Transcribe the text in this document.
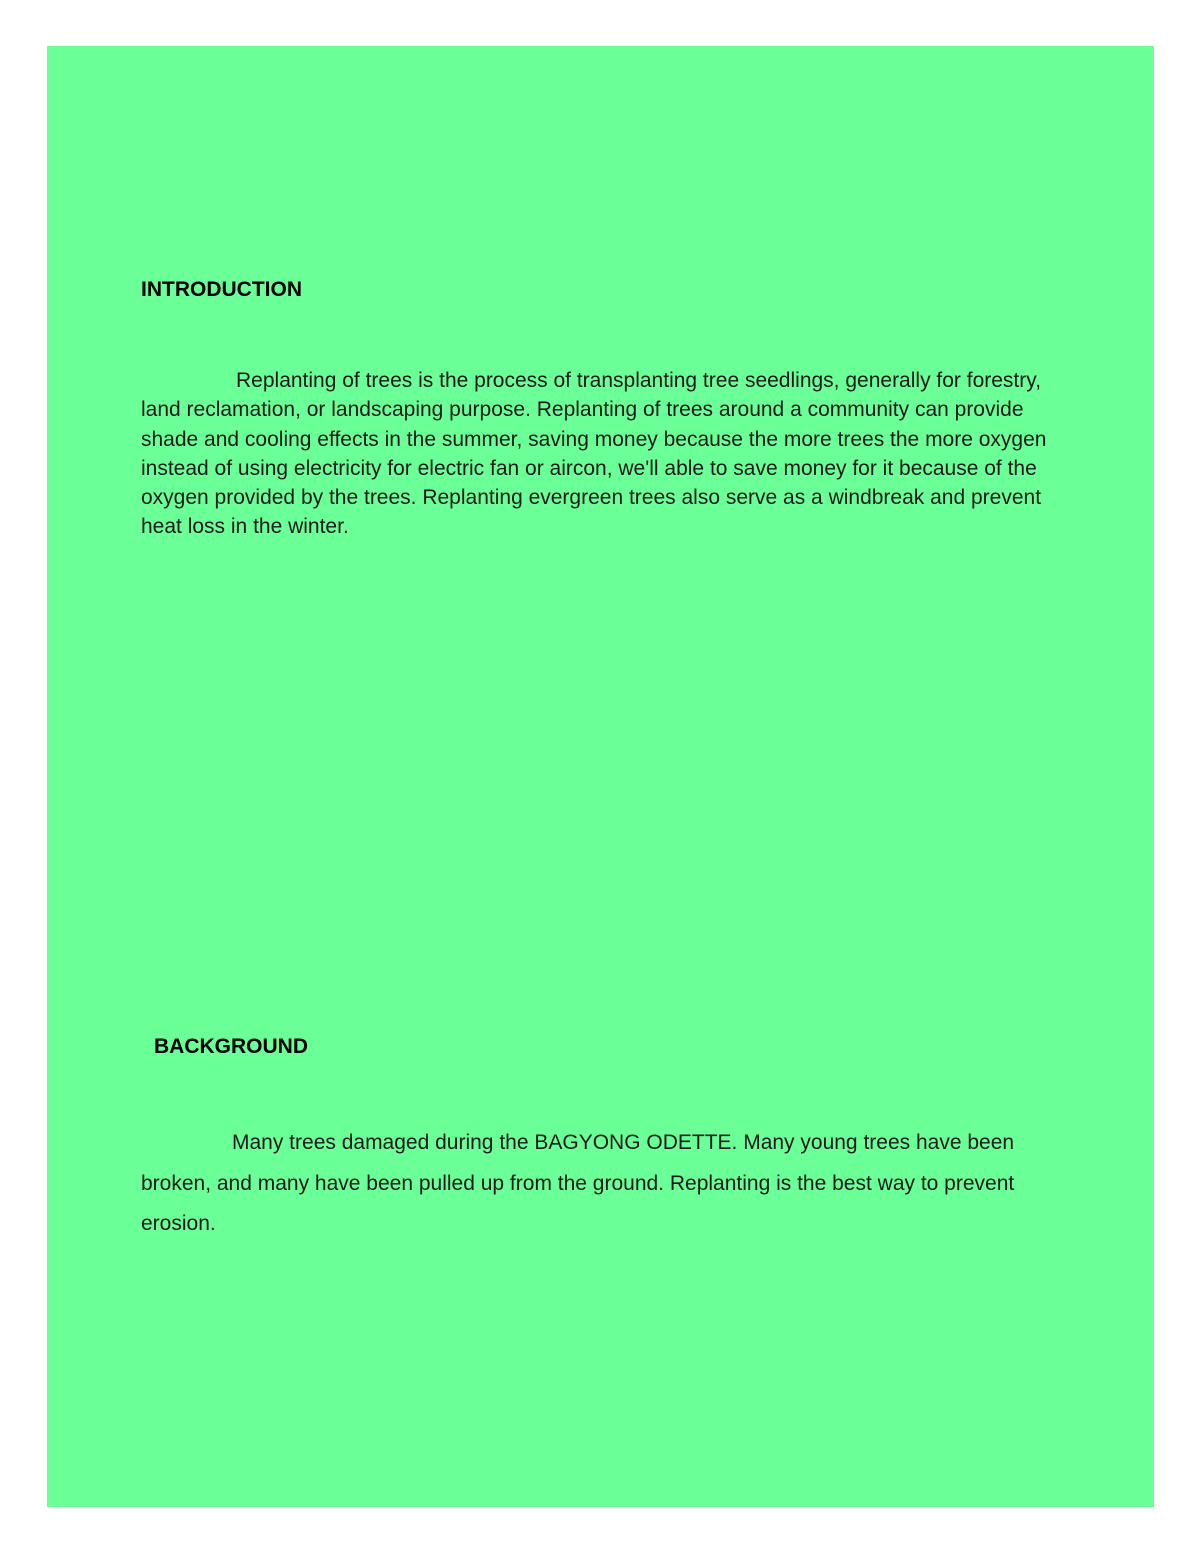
INTRODUCTION

Replanting of trees is the process of transplanting tree seedlings, generally for forestry, land reclamation, or landscaping purpose. Replanting of trees around a community can provide shade and cooling effects in the summer, saving money because the more trees the more oxygen instead of using electricity for electric fan or aircon, we'll able to save money for it because of the oxygen provided by the trees. Replanting evergreen trees also serve as a windbreak and prevent heat loss in the winter.

BACKGROUND

Many trees damaged during the BAGYONG ODETTE. Many young trees have been broken, and many have been pulled up from the ground. Replanting is the best way to prevent erosion.
